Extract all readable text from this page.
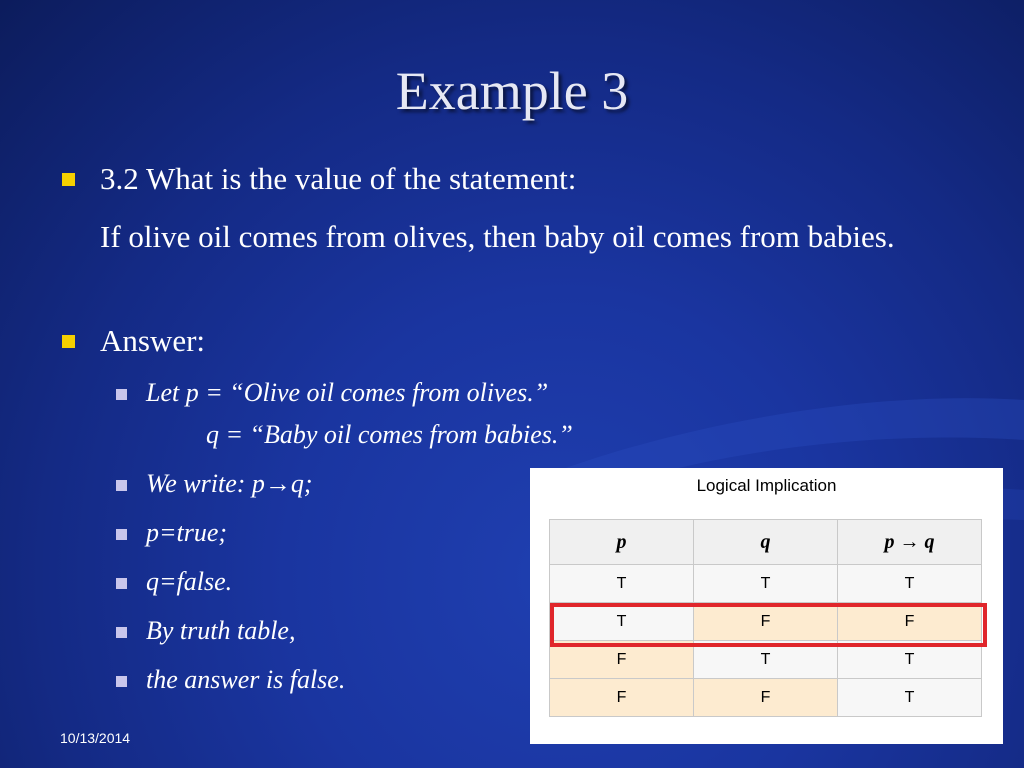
Example 3
3.2 What is the value of the statement:
If olive oil comes from olives, then baby oil comes from babies.
Answer:
Let p = “Olive oil comes from olives.”
q = “Baby oil comes from babies.”
We write: p→q;
p=true;
q=false.
By truth table,
the answer is false.
Logical Implication
p	q	p → q
T	T	T
T	F	F
F	T	T
F	F	T
10/13/2014
